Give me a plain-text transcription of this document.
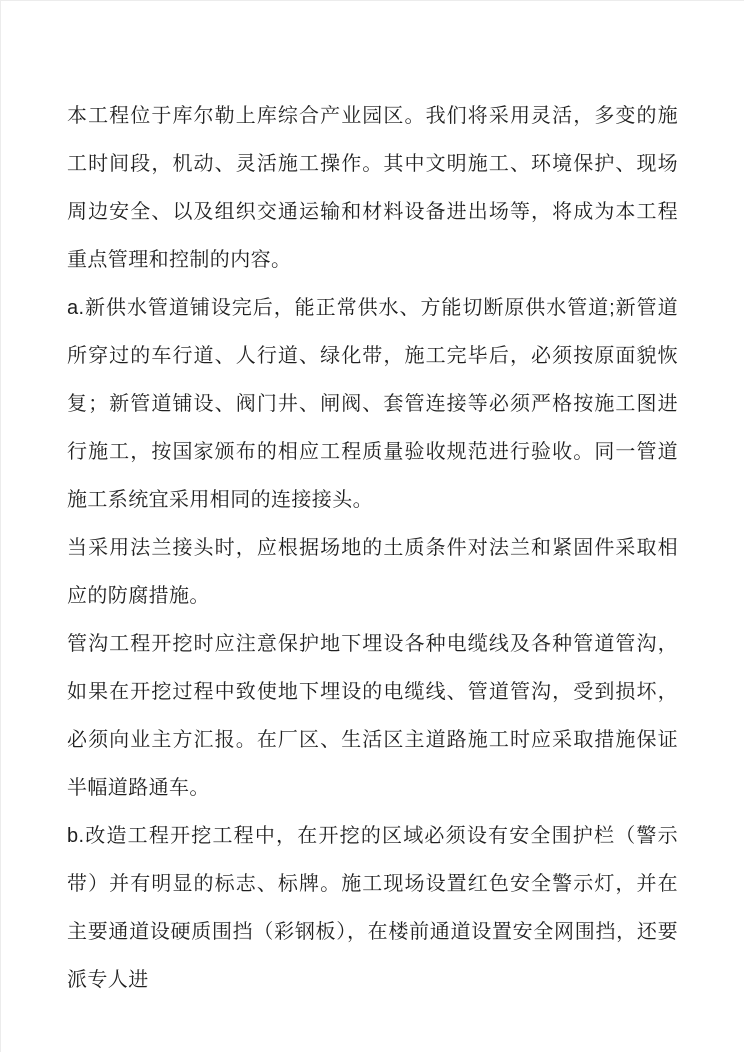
本工程位于库尔勒上库综合产业园区。我们将采用灵活，多变的施工时间段，机动、灵活施工操作。其中文明施工、环境保护、现场周边安全、以及组织交通运输和材料设备进出场等，将成为本工程重点管理和控制的内容。

a.新供水管道铺设完后，能正常供水、方能切断原供水管道;新管道所穿过的车行道、人行道、绿化带，施工完毕后，必须按原面貌恢复；新管道铺设、阀门井、闸阀、套管连接等必须严格按施工图进行施工，按国家颁布的相应工程质量验收规范进行验收。同一管道施工系统宜采用相同的连接接头。

当采用法兰接头时，应根据场地的土质条件对法兰和紧固件采取相应的防腐措施。

管沟工程开挖时应注意保护地下埋设各种电缆线及各种管道管沟，如果在开挖过程中致使地下埋设的电缆线、管道管沟，受到损坏，必须向业主方汇报。在厂区、生活区主道路施工时应采取措施保证半幅道路通车。

b.改造工程开挖工程中，在开挖的区域必须设有安全围护栏（警示带）并有明显的标志、标牌。施工现场设置红色安全警示灯，并在主要通道设硬质围挡（彩钢板），在楼前通道设置安全网围挡，还要派专人进
